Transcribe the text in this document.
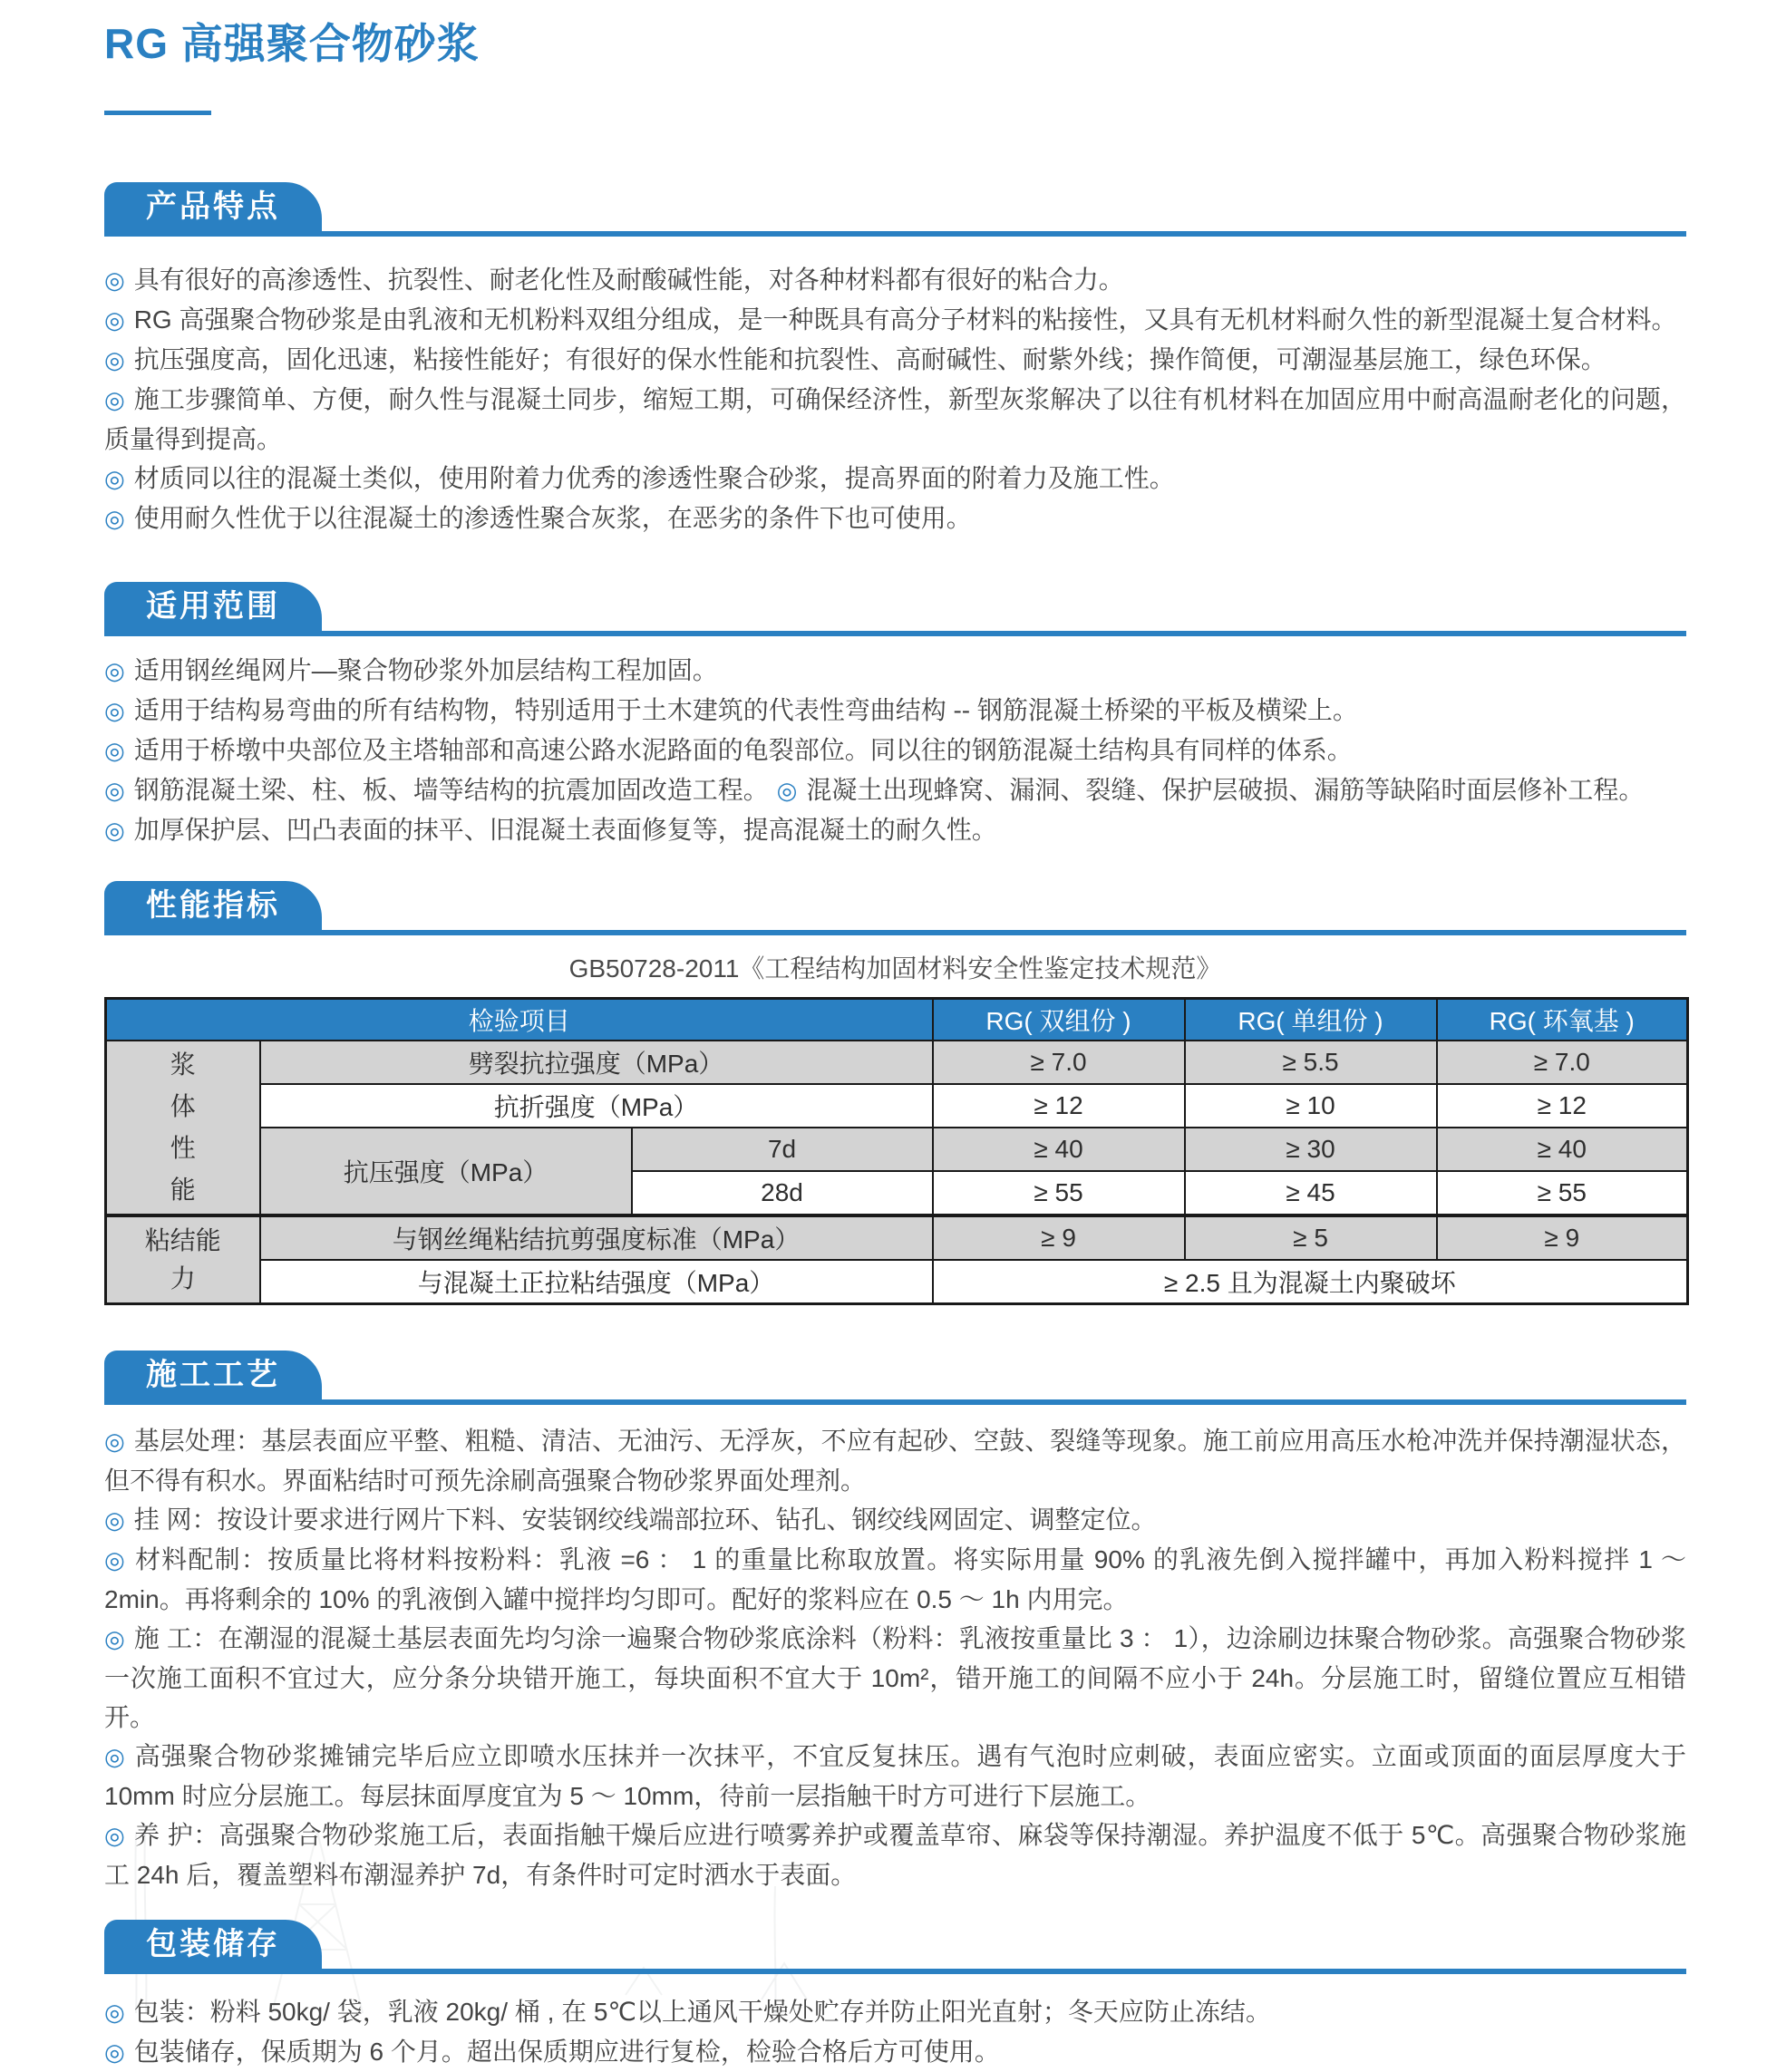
RG 高强聚合物砂浆
产品特点

◎ 具有很好的高渗透性、抗裂性、耐老化性及耐酸碱性能，对各种材料都有很好的粘合力。

◎ RG 高强聚合物砂浆是由乳液和无机粉料双组分组成，是一种既具有高分子材料的粘接性，又具有无机材料耐久性的新型混凝土复合材料。

◎ 抗压强度高，固化迅速，粘接性能好；有很好的保水性能和抗裂性、高耐碱性、耐紫外线；操作简便，可潮湿基层施工，绿色环保。

◎ 施工步骤简单、方便，耐久性与混凝土同步，缩短工期，可确保经济性，新型灰浆解决了以往有机材料在加固应用中耐高温耐老化的问题，质量得到提高。

◎ 材质同以往的混凝土类似，使用附着力优秀的渗透性聚合砂浆，提高界面的附着力及施工性。

◎ 使用耐久性优于以往混凝土的渗透性聚合灰浆，在恶劣的条件下也可使用。

适用范围

◎ 适用钢丝绳网片—聚合物砂浆外加层结构工程加固。

◎ 适用于结构易弯曲的所有结构物，特别适用于土木建筑的代表性弯曲结构 -- 钢筋混凝土桥梁的平板及横梁上。

◎ 适用于桥墩中央部位及主塔轴部和高速公路水泥路面的龟裂部位。同以往的钢筋混凝土结构具有同样的体系。

◎ 钢筋混凝土梁、柱、板、墙等结构的抗震加固改造工程。 ◎ 混凝土出现蜂窝、漏洞、裂缝、保护层破损、漏筋等缺陷时面层修补工程。

◎ 加厚保护层、凹凸表面的抹平、旧混凝土表面修复等，提高混凝土的耐久性。

性能指标

GB50728-2011《工程结构加固材料安全性鉴定技术规范》

检验项目			RG( 双组份 )	RG( 单组份 )	RG( 环氧基 )
浆体性能	劈裂抗拉强度（MPa）		≥ 7.0	≥ 5.5	≥ 7.0
	抗折强度（MPa）		≥ 12	≥ 10	≥ 12
	抗压强度（MPa）	7d	≥ 40	≥ 30	≥ 40
		28d	≥ 55	≥ 45	≥ 55
粘结能力	与钢丝绳粘结抗剪强度标准（MPa）		≥ 9	≥ 5	≥ 9
	与混凝土正拉粘结强度（MPa）		≥ 2.5 且为混凝土内聚破坏		
施工工艺

◎ 基层处理：基层表面应平整、粗糙、清洁、无油污、无浮灰，不应有起砂、空鼓、裂缝等现象。施工前应用高压水枪冲洗并保持潮湿状态，但不得有积水。界面粘结时可预先涂刷高强聚合物砂浆界面处理剂。

◎ 挂 网：按设计要求进行网片下料、安装钢绞线端部拉环、钻孔、钢绞线网固定、调整定位。

◎ 材料配制：按质量比将材料按粉料：乳液 =6 ： 1 的重量比称取放置。将实际用量 90% 的乳液先倒入搅拌罐中，再加入粉料搅拌 1 ～ 2min。再将剩余的 10% 的乳液倒入罐中搅拌均匀即可。配好的浆料应在 0.5 ～ 1h 内用完。

◎ 施 工：在潮湿的混凝土基层表面先均匀涂一遍聚合物砂浆底涂料（粉料：乳液按重量比 3 ： 1），边涂刷边抹聚合物砂浆。高强聚合物砂浆一次施工面积不宜过大，应分条分块错开施工，每块面积不宜大于 10m²，错开施工的间隔不应小于 24h。分层施工时，留缝位置应互相错开。

◎ 高强聚合物砂浆摊铺完毕后应立即喷水压抹并一次抹平，不宜反复抹压。遇有气泡时应刺破，表面应密实。立面或顶面的面层厚度大于 10mm 时应分层施工。每层抹面厚度宜为 5 ～ 10mm，待前一层指触干时方可进行下层施工。

◎ 养 护：高强聚合物砂浆施工后，表面指触干燥后应进行喷雾养护或覆盖草帘、麻袋等保持潮湿。养护温度不低于 5℃。高强聚合物砂浆施工 24h 后，覆盖塑料布潮湿养护 7d，有条件时可定时洒水于表面。

包装储存

◎ 包装：粉料 50kg/ 袋，乳液 20kg/ 桶 , 在 5℃以上通风干燥处贮存并防止阳光直射；冬天应防止冻结。

◎ 包装储存，保质期为 6 个月。超出保质期应进行复检，检验合格后方可使用。
